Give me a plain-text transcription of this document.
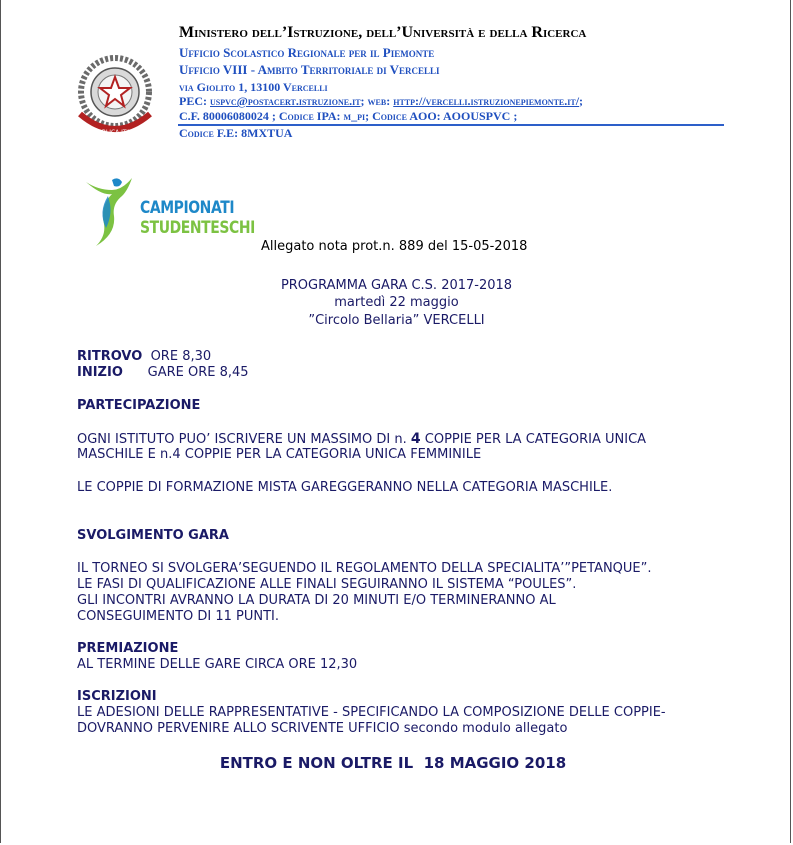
REPVBBLICA ITALIANA
Ministero dell’Istruzione, dell’Università e della Ricerca
Ufficio Scolastico Regionale per il Piemonte
Ufficio VIII - Ambito Territoriale di Vercelli
via Giolito 1, 13100 Vercelli
PEC: uspvc@postacert.istruzione.it; web: http://vercelli.istruzionepiemonte.it/;
C.F. 80006080024 ; Codice IPA: m_pi; Codice AOO: AOOUSPVC ;
Codice F.E: 8MXTUA
CAMPIONATI
STUDENTESCHI
Allegato nota prot.n. 889 del 15-05-2018
PROGRAMMA GARA C.S. 2017-2018
martedì 22 maggio
”Circolo Bellaria” VERCELLI
RITROVO  ORE 8,30
INIZIO      GARE ORE 8,45
PARTECIPAZIONE
OGNI ISTITUTO PUO’ ISCRIVERE UN MASSIMO DI n. 4 COPPIE PER LA CATEGORIA UNICA
MASCHILE E n.4 COPPIE PER LA CATEGORIA UNICA FEMMINILE
LE COPPIE DI FORMAZIONE MISTA GAREGGERANNO NELLA CATEGORIA MASCHILE.
SVOLGIMENTO GARA
IL TORNEO SI SVOLGERA’SEGUENDO IL REGOLAMENTO DELLA SPECIALITA’”PETANQUE”.
LE FASI DI QUALIFICAZIONE ALLE FINALI SEGUIRANNO IL SISTEMA “POULES”.
GLI INCONTRI AVRANNO LA DURATA DI 20 MINUTI E/O TERMINERANNO AL
CONSEGUIMENTO DI 11 PUNTI.
PREMIAZIONE
AL TERMINE DELLE GARE CIRCA ORE 12,30
ISCRIZIONI
LE ADESIONI DELLE RAPPRESENTATIVE - SPECIFICANDO LA COMPOSIZIONE DELLE COPPIE-
DOVRANNO PERVENIRE ALLO SCRIVENTE UFFICIO secondo modulo allegato
ENTRO E NON OLTRE IL  18 MAGGIO 2018
